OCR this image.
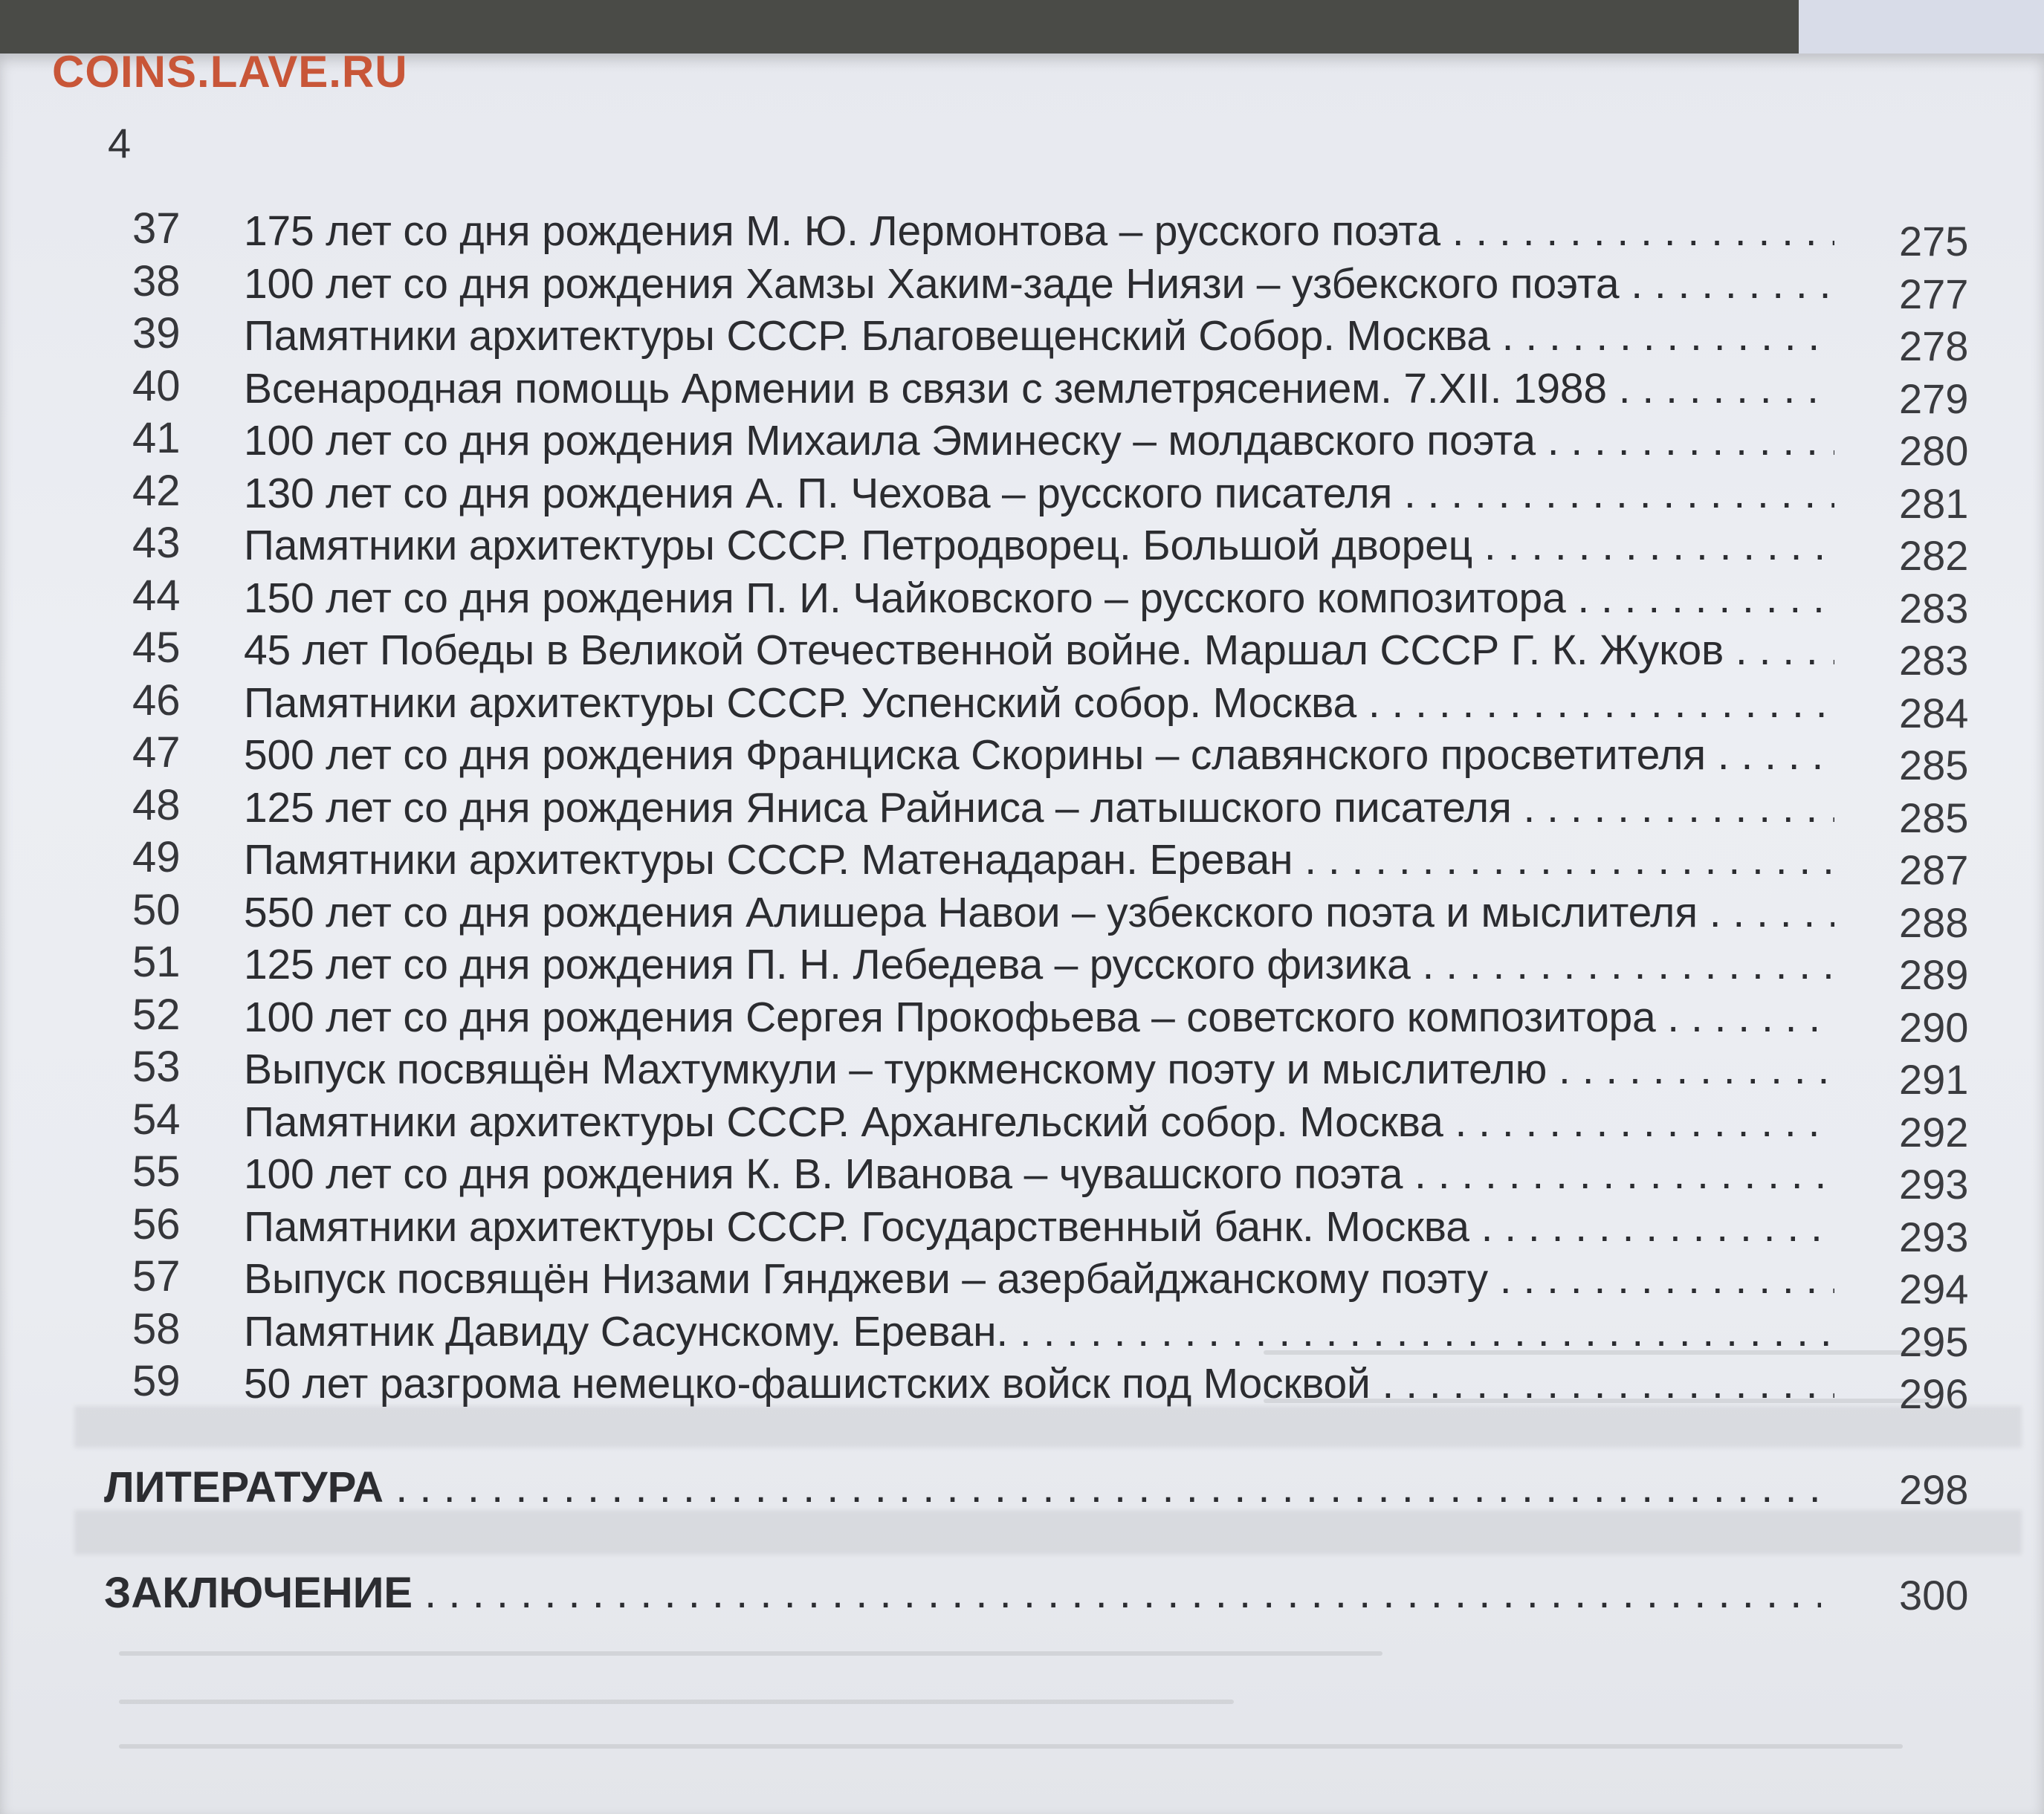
COINS.LAVE.RU
4
37	175 лет со дня рождения М. Ю. Лермонтова – русского поэта . . .	275
38	100 лет со дня рождения Хамзы Хаким-заде Ниязи – узбекского поэта . . .	277
39	Памятники архитектуры СССР. Благовещенский Собор. Москва . . .	278
40	Всенародная помощь Армении в связи с землетрясением. 7.XII. 1988 . . .	279
41	100 лет со дня рождения Михаила Эминеску – молдавского поэта . . .	280
42	130 лет со дня рождения А. П. Чехова – русского писателя . . .	281
43	Памятники архитектуры СССР. Петродворец. Большой дворец . . .	282
44	150 лет со дня рождения П. И. Чайковского – русского композитора . . .	283
45	45 лет Победы в Великой Отечественной войне. Маршал СССР Г. К. Жуков . . .	283
46	Памятники архитектуры СССР. Успенский собор. Москва . . .	284
47	500 лет со дня рождения Франциска Скорины – славянского просветителя . . .	285
48	125 лет со дня рождения Яниса Райниса – латышского писателя . . .	285
49	Памятники архитектуры СССР. Матенадаран. Ереван . . .	287
50	550 лет со дня рождения Алишера Навои – узбекского поэта и мыслителя . . .	288
51	125 лет со дня рождения П. Н. Лебедева – русского физика . . .	289
52	100 лет со дня рождения Сергея Прокофьева – советского композитора . . .	290
53	Выпуск посвящён Махтумкули – туркменскому поэту и мыслителю . . .	291
54	Памятники архитектуры СССР. Архангельский собор. Москва . . .	292
55	100 лет со дня рождения К. В. Иванова – чувашского поэта . . .	293
56	Памятники архитектуры СССР. Государственный банк. Москва . . .	293
57	Выпуск посвящён Низами Гянджеви – азербайджанскому поэту . . .	294
58	Памятник Давиду Сасунскому. Ереван. . . .	295
59	50 лет разгрома немецко-фашистских войск под Москвой . . .	296
ЛИТЕРАТУРА . . .	298
ЗАКЛЮЧЕНИЕ . . .	300
